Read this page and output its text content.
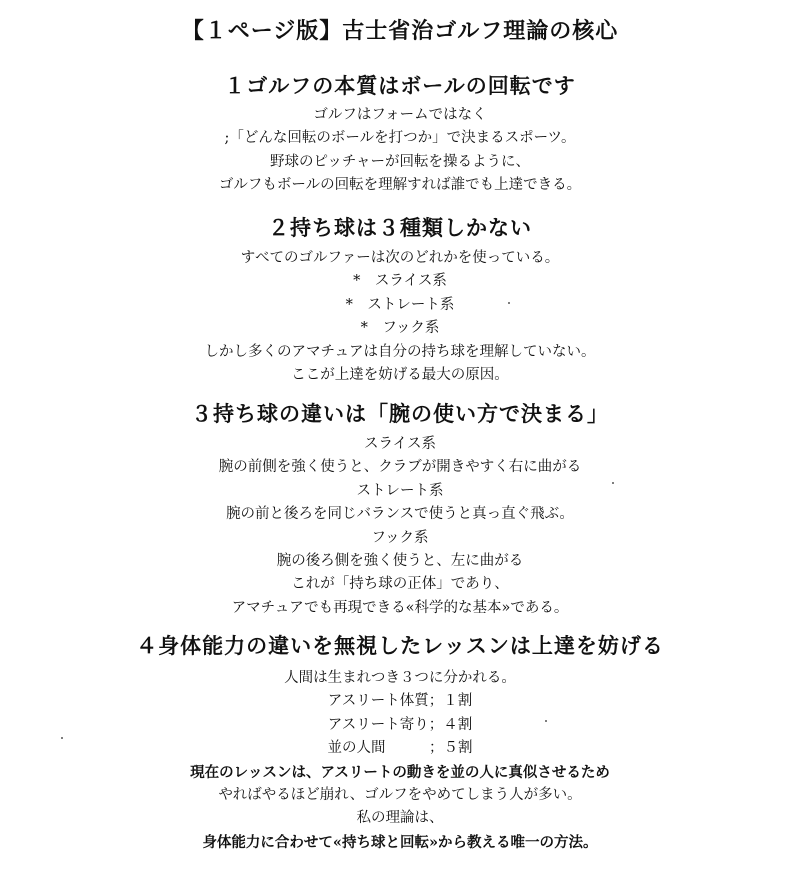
【１ページ版】古士省治ゴルフ理論の核心
１ゴルフの本質はボールの回転です
ゴルフはフォームではなく
;「どんな回転のボールを打つか」で決まるスポーツ。
野球のピッチャーが回転を操るように、
ゴルフもボールの回転を理解すれば誰でも上達できる。
２持ち球は３種類しかない
すべてのゴルファーは次のどれかを使っている。
*　スライス系
*　ストレート系
*　フック系
しかし多くのアマチュアは自分の持ち球を理解していない。
ここが上達を妨げる最大の原因。
３持ち球の違いは「腕の使い方で決まる」
スライス系
腕の前側を強く使うと、クラブが開きやすく右に曲がる
ストレート系
腕の前と後ろを同じバランスで使うと真っ直ぐ飛ぶ。
フック系
腕の後ろ側を強く使うと、左に曲がる
これが「持ち球の正体」であり、
アマチュアでも再現できる«科学的な基本»である。
４身体能力の違いを無視したレッスンは上達を妨げる
人間は生まれつき３つに分かれる。
アスリート体質；１割
アスリート寄り；４割
並の人間　　　；５割
現在のレッスンは、アスリートの動きを並の人に真似させるため
やればやるほど崩れ、ゴルフをやめてしまう人が多い。
私の理論は、
身体能力に合わせて«持ち球と回転»から教える唯一の方法。
